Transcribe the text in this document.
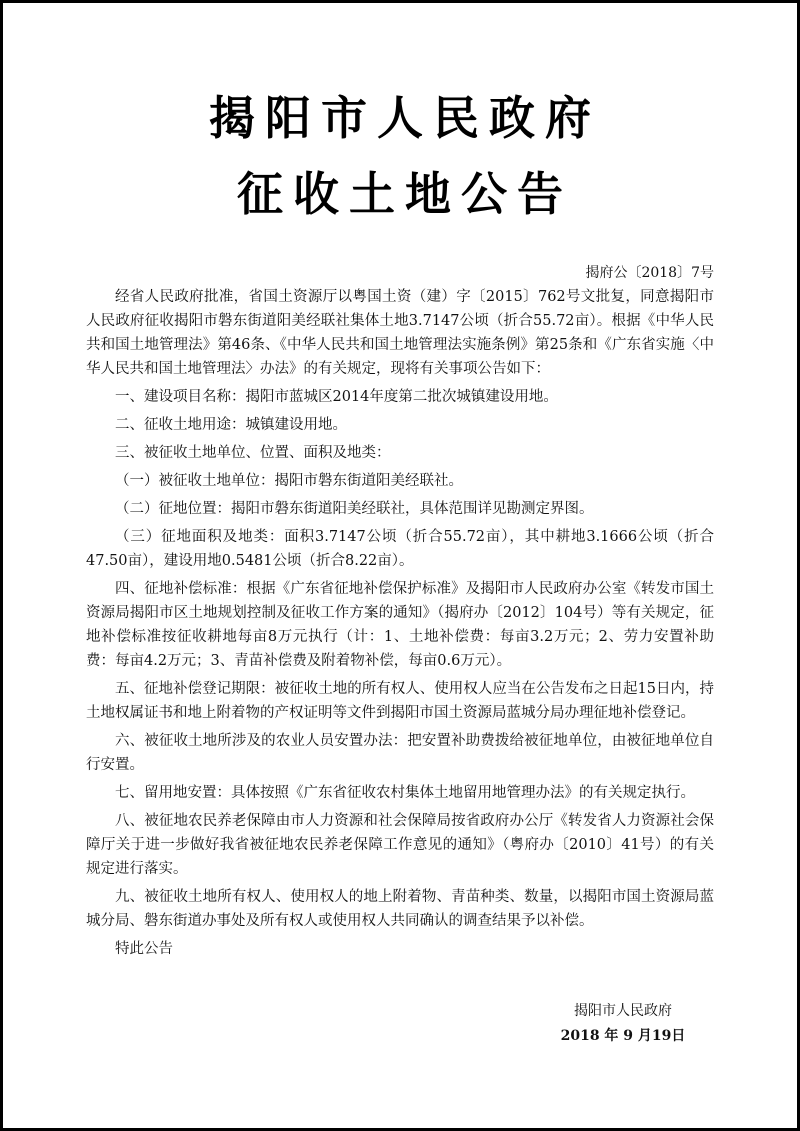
揭阳市人民政府
征收土地公告
揭府公〔2018〕7号

经省人民政府批准，省国土资源厅以粤国土资（建）字〔2015〕762号文批复，同意揭阳市人民政府征收揭阳市磐东街道阳美经联社集体土地3.7147公顷（折合55.72亩）。根据《中华人民共和国土地管理法》第46条、《中华人民共和国土地管理法实施条例》第25条和《广东省实施〈中华人民共和国土地管理法〉办法》的有关规定，现将有关事项公告如下：

一、建设项目名称：揭阳市蓝城区2014年度第二批次城镇建设用地。

二、征收土地用途：城镇建设用地。

三、被征收土地单位、位置、面积及地类：

（一）被征收土地单位：揭阳市磐东街道阳美经联社。

（二）征地位置：揭阳市磐东街道阳美经联社，具体范围详见勘测定界图。

（三）征地面积及地类：面积3.7147公顷（折合55.72亩），其中耕地3.1666公顷（折合47.50亩），建设用地0.5481公顷（折合8.22亩）。

四、征地补偿标准：根据《广东省征地补偿保护标准》及揭阳市人民政府办公室《转发市国土资源局揭阳市区土地规划控制及征收工作方案的通知》（揭府办〔2012〕104号）等有关规定，征地补偿标准按征收耕地每亩8万元执行（计：1、土地补偿费：每亩3.2万元；2、劳力安置补助费：每亩4.2万元；3、青苗补偿费及附着物补偿，每亩0.6万元）。

五、征地补偿登记期限：被征收土地的所有权人、使用权人应当在公告发布之日起15日内，持土地权属证书和地上附着物的产权证明等文件到揭阳市国土资源局蓝城分局办理征地补偿登记。

六、被征收土地所涉及的农业人员安置办法：把安置补助费拨给被征地单位，由被征地单位自行安置。

七、留用地安置：具体按照《广东省征收农村集体土地留用地管理办法》的有关规定执行。

八、被征地农民养老保障由市人力资源和社会保障局按省政府办公厅《转发省人力资源社会保障厅关于进一步做好我省被征地农民养老保障工作意见的通知》（粤府办〔2010〕41号）的有关规定进行落实。

九、被征收土地所有权人、使用权人的地上附着物、青苗种类、数量，以揭阳市国土资源局蓝城分局、磐东街道办事处及所有权人或使用权人共同确认的调查结果予以补偿。

特此公告

揭阳市人民政府
2018 年 9 月19日
